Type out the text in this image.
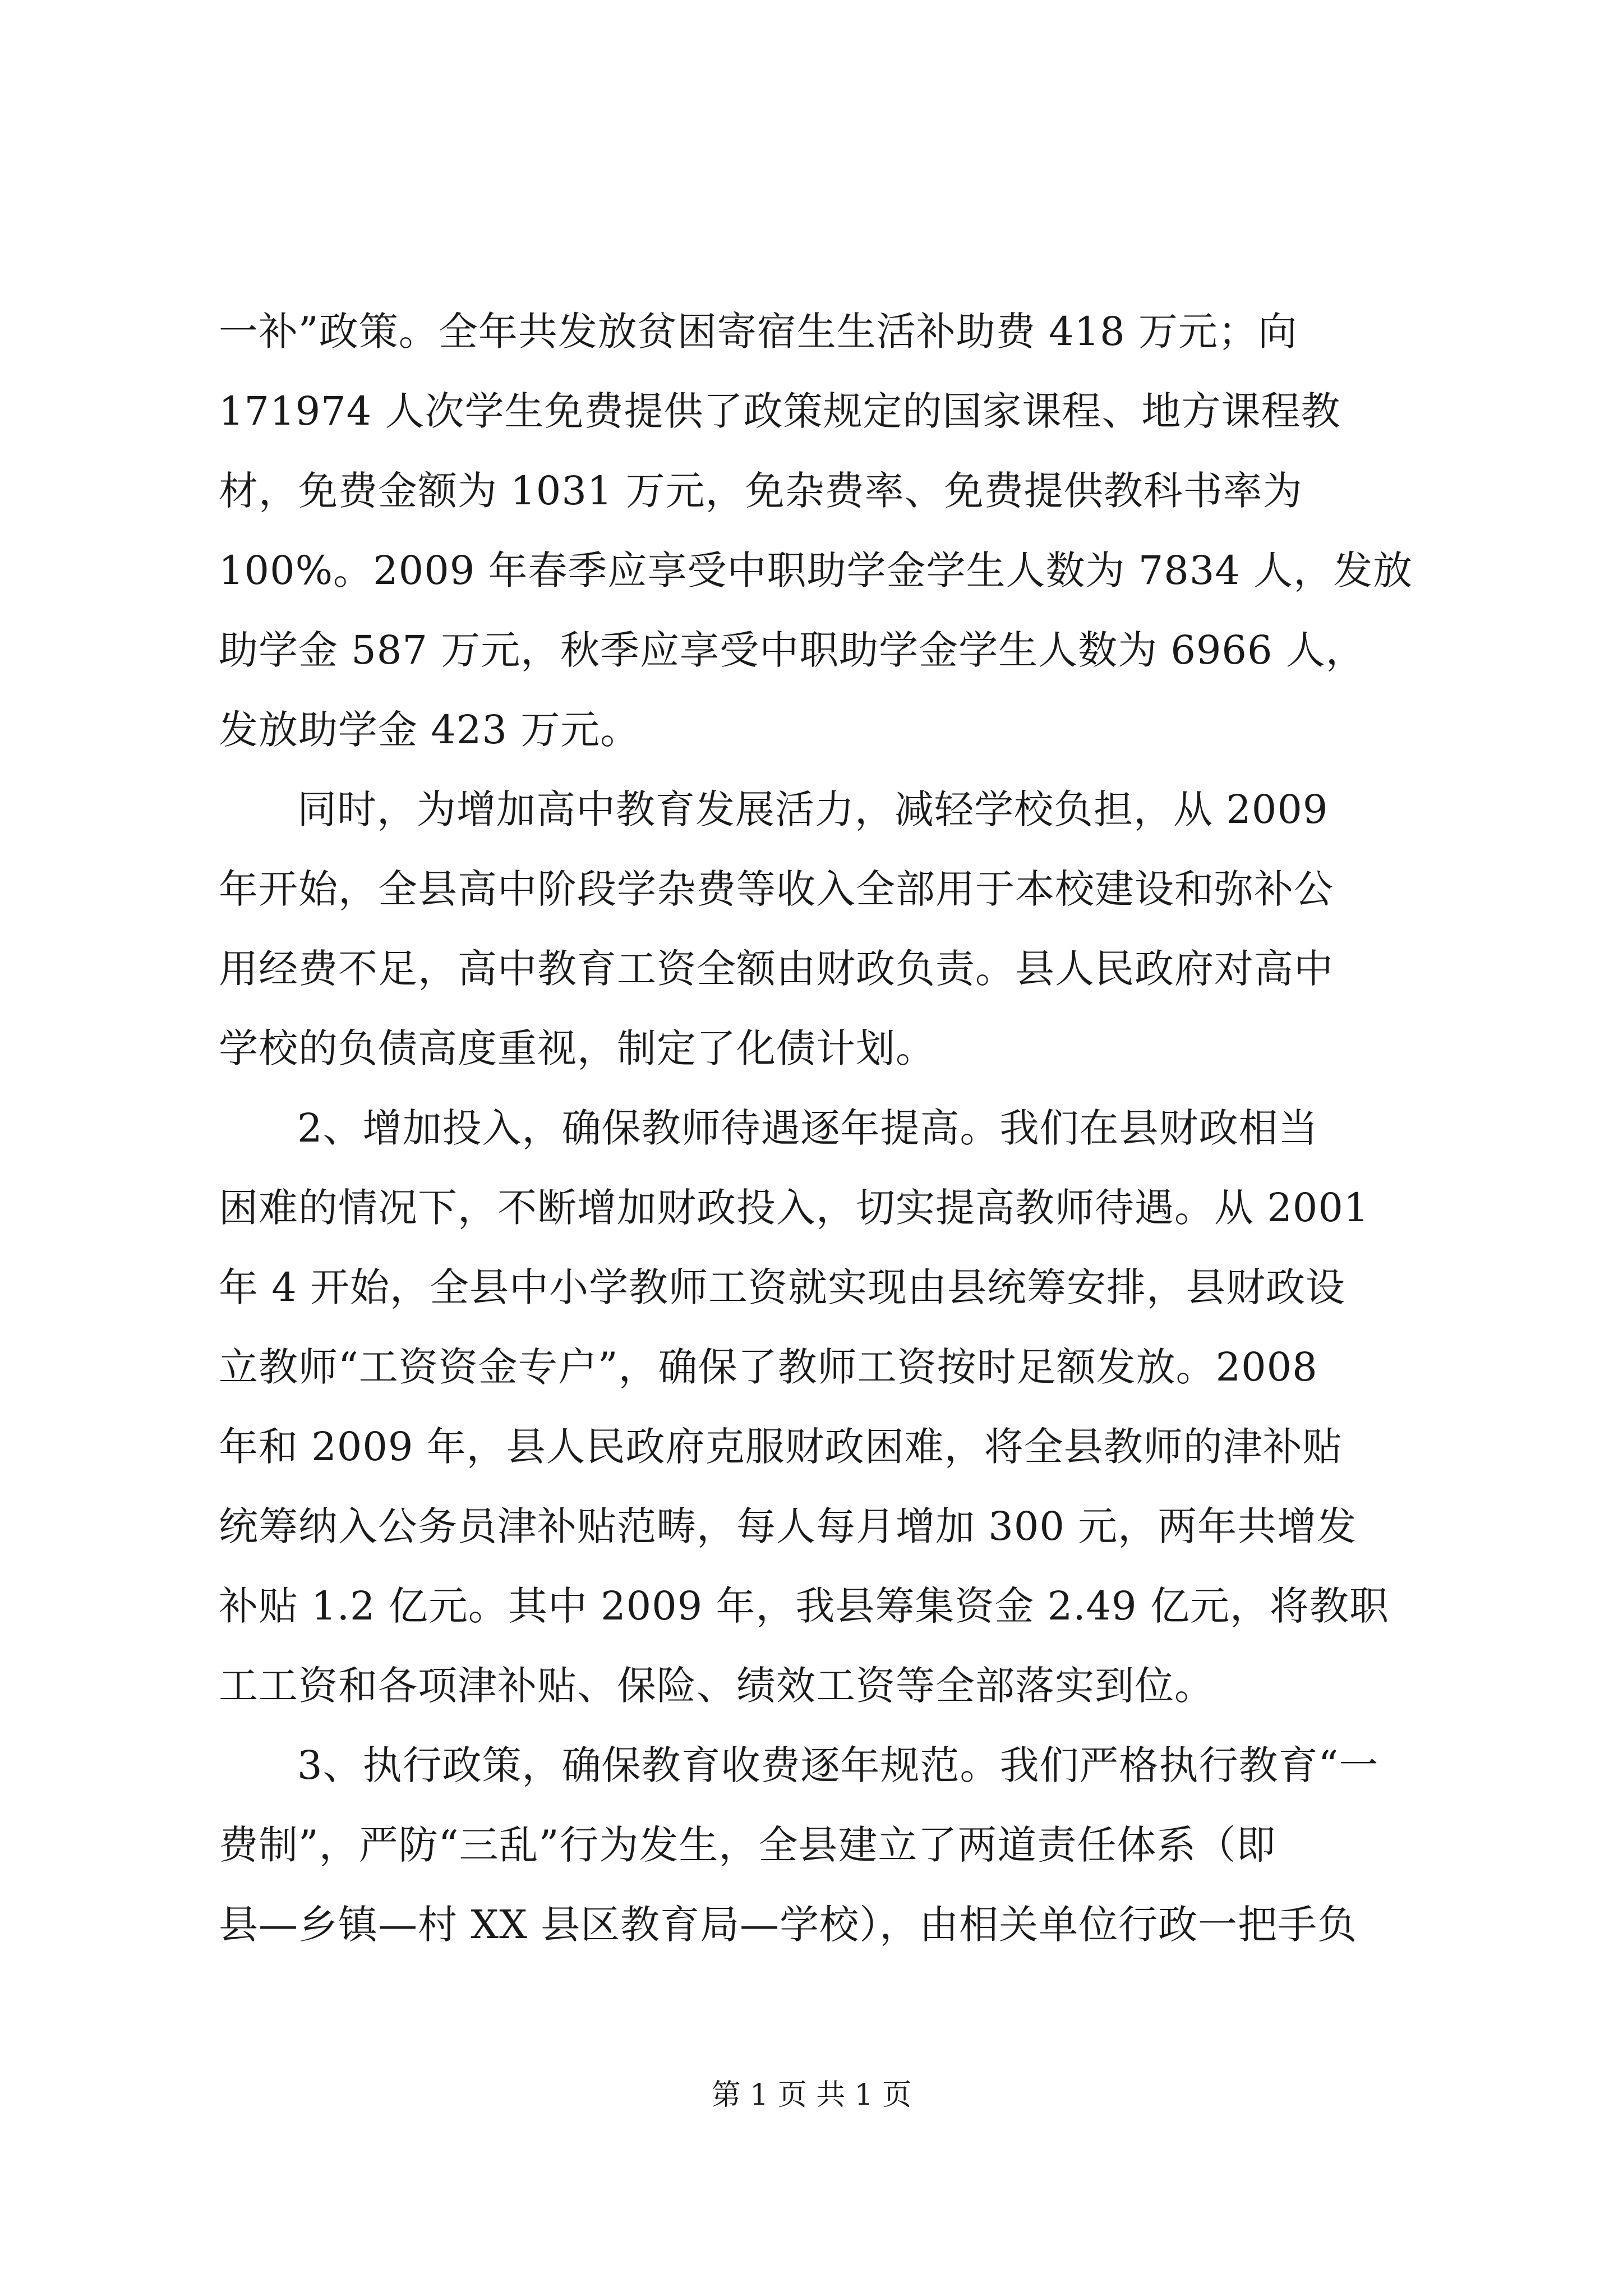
一补”政策。全年共发放贫困寄宿生生活补助费 418 万元；向
171974 人次学生免费提供了政策规定的国家课程、地方课程教
材，免费金额为 1031 万元，免杂费率、免费提供教科书率为
100%。2009 年春季应享受中职助学金学生人数为 7834 人，发放
助学金 587 万元，秋季应享受中职助学金学生人数为 6966 人，
发放助学金 423 万元。
同时，为增加高中教育发展活力，减轻学校负担，从 2009
年开始，全县高中阶段学杂费等收入全部用于本校建设和弥补公
用经费不足，高中教育工资全额由财政负责。县人民政府对高中
学校的负债高度重视，制定了化债计划。
2、增加投入，确保教师待遇逐年提高。我们在县财政相当
困难的情况下，不断增加财政投入，切实提高教师待遇。从 2001
年 4 开始，全县中小学教师工资就实现由县统筹安排，县财政设
立教师“工资资金专户”，确保了教师工资按时足额发放。2008
年和 2009 年，县人民政府克服财政困难，将全县教师的津补贴
统筹纳入公务员津补贴范畴，每人每月增加 300 元，两年共增发
补贴 1.2 亿元。其中 2009 年，我县筹集资金 2.49 亿元，将教职
工工资和各项津补贴、保险、绩效工资等全部落实到位。
3、执行政策，确保教育收费逐年规范。我们严格执行教育“一
费制”，严防“三乱”行为发生，全县建立了两道责任体系（即
县—乡镇—村 XX 县区教育局—学校），由相关单位行政一把手负
第 1 页 共 1 页
